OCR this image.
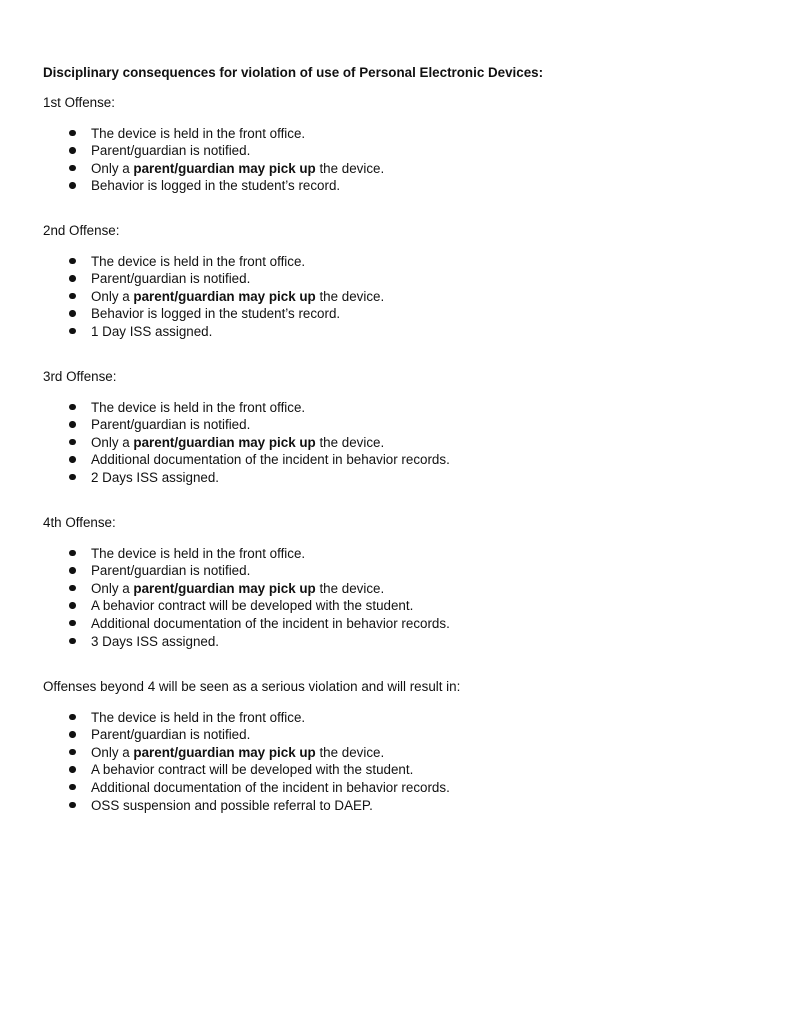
Disciplinary consequences for violation of use of Personal Electronic Devices:

1st Offense:

The device is held in the front office.
Parent/guardian is notified.
Only a parent/guardian may pick up the device.
Behavior is logged in the student’s record.

2nd Offense:

The device is held in the front office.
Parent/guardian is notified.
Only a parent/guardian may pick up the device.
Behavior is logged in the student’s record.
1 Day ISS assigned.

3rd Offense:

The device is held in the front office.
Parent/guardian is notified.
Only a parent/guardian may pick up the device.
Additional documentation of the incident in behavior records.
2 Days ISS assigned.

4th Offense:

The device is held in the front office.
Parent/guardian is notified.
Only a parent/guardian may pick up the device.
A behavior contract will be developed with the student.
Additional documentation of the incident in behavior records.
3 Days ISS assigned.

Offenses beyond 4 will be seen as a serious violation and will result in:

The device is held in the front office.
Parent/guardian is notified.
Only a parent/guardian may pick up the device.
A behavior contract will be developed with the student.
Additional documentation of the incident in behavior records.
OSS suspension and possible referral to DAEP.
